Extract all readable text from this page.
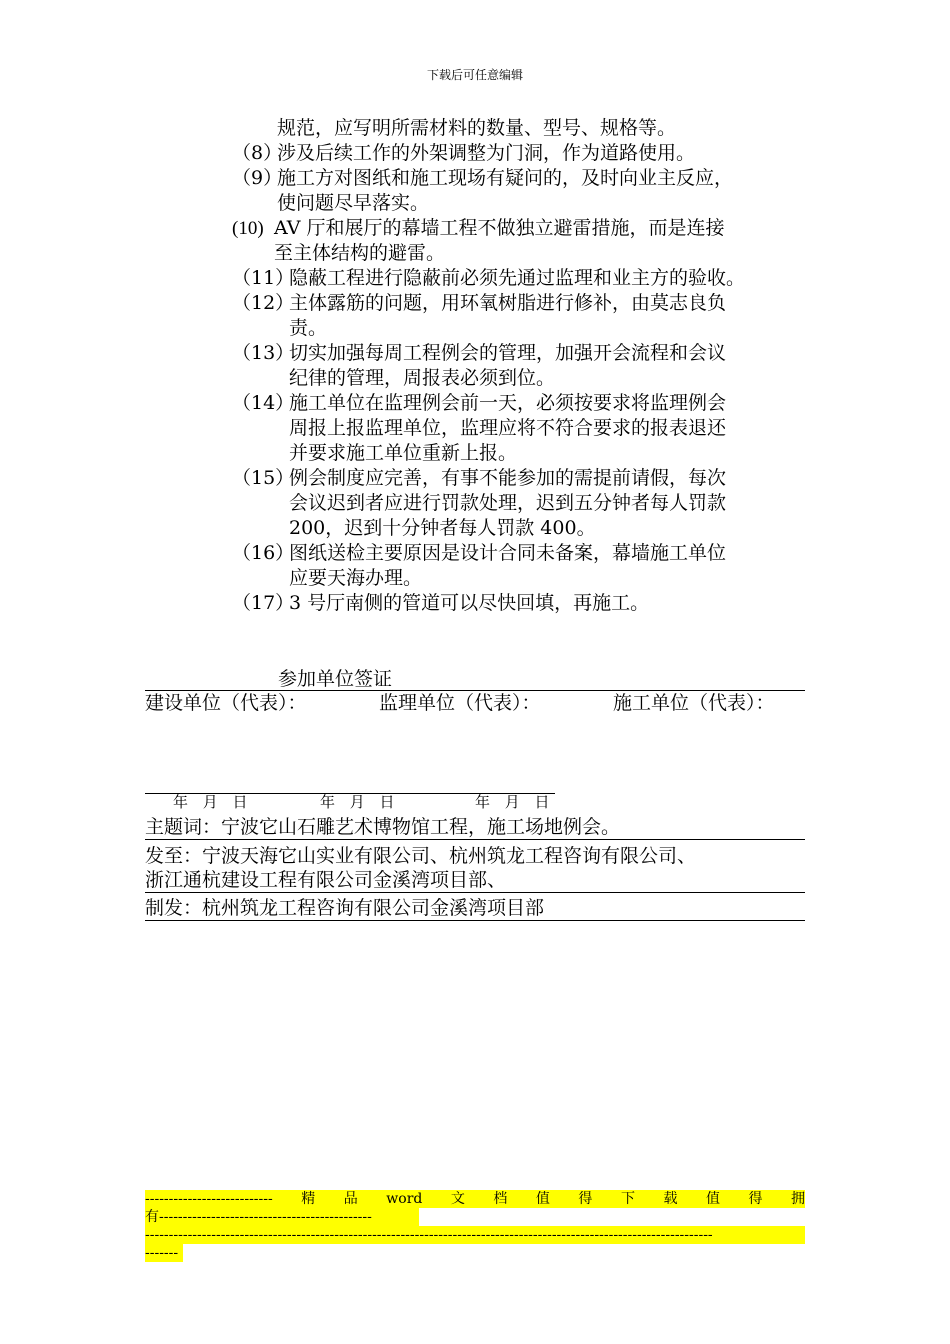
下载后可任意编辑
规范，应写明所需材料的数量、型号、规格等。
（8）
涉及后续工作的外架调整为门洞，作为道路使用。
（9）
施工方对图纸和施工现场有疑问的，及时向业主反应，
使问题尽早落实。
(10) AV 厅和展厅的幕墙工程不做独立避雷措施，而是连接
至主体结构的避雷。
（11）
隐蔽工程进行隐蔽前必须先通过监理和业主方的验收。
（12）
主体露筋的问题，用环氧树脂进行修补，由莫志良负
责。
（13）
切实加强每周工程例会的管理，加强开会流程和会议
纪律的管理，周报表必须到位。
（14）
施工单位在监理例会前一天，必须按要求将监理例会
周报上报监理单位，监理应将不符合要求的报表退还
并要求施工单位重新上报。
（15）
例会制度应完善，有事不能参加的需提前请假，每次
会议迟到者应进行罚款处理，迟到五分钟者每人罚款
200，迟到十分钟者每人罚款 400。
（16）
图纸送检主要原因是设计合同未备案，幕墙施工单位
应要天海办理。
（17）
3 号厅南侧的管道可以尽快回填，再施工。
参加单位签证
建设单位（代表）：	监理单位（代表）：	施工单位（代表）：
年 月 日	年 月 日	年 月 日
主题词：宁波它山石雕艺术博物馆工程，施工场地例会。
发至：宁波天海它山实业有限公司、杭州筑龙工程咨询有限公司、
浙江通杭建设工程有限公司金溪湾项目部、
制发：杭州筑龙工程咨询有限公司金溪湾项目部
--------------------------- 精 品 word 文 档 值 得 下 载 值 得 拥
有---------------------------------------------
------------------------------------------------------------------------------------------------------------------------
-------
